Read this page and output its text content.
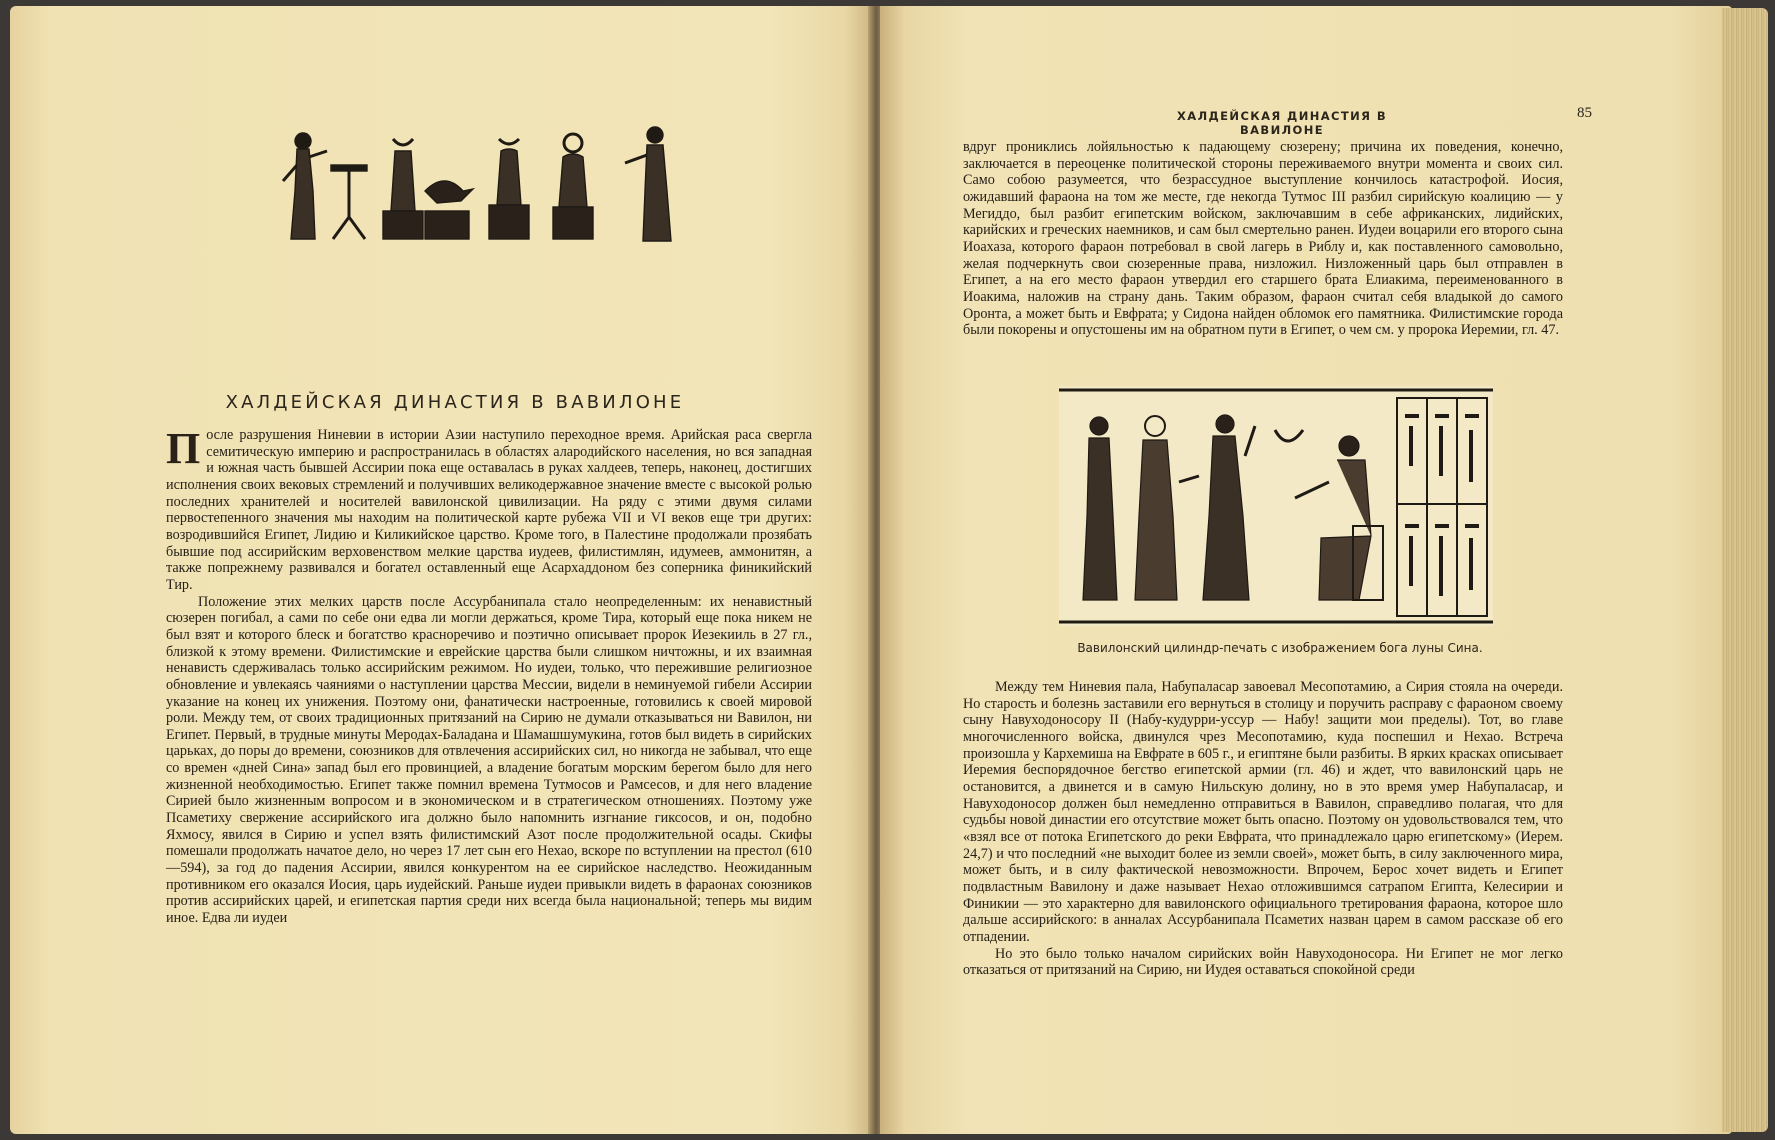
ХАЛДЕЙСКАЯ ДИНАСТИЯ В ВАВИЛОНЕ

После разрушения Ниневии в истории Азии наступило переходное время. Арийская раса свергла семитическую империю и распространилась в областях алародийского населения, но вся западная и южная часть бывшей Ассирии пока еще оставалась в руках халдеев, теперь, наконец, достигших исполнения своих вековых стремлений и получивших великодержавное значение вместе с высокой ролью последних хранителей и носителей вавилонской цивилизации. На ряду с этими двумя силами первостепенного значения мы находим на политической карте рубежа VII и VI веков еще три других: возродившийся Египет, Лидию и Киликийское царство. Кроме того, в Палестине продолжали прозябать бывшие под ассирийским верховенством мелкие царства иудеев, филистимлян, идумеев, аммонитян, а также попрежнему развивался и богател оставленный еще Асархаддоном без соперника финикийский Тир.

Положение этих мелких царств после Ассурбанипала стало неопределенным: их ненавистный сюзерен погибал, а сами по себе они едва ли могли держаться, кроме Тира, который еще пока никем не был взят и которого блеск и богатство красноречиво и поэтично описывает пророк Иезекииль в 27 гл., близкой к этому времени. Филистимские и еврейские царства были слишком ничтожны, и их взаимная ненависть сдерживалась только ассирийским режимом. Но иудеи, только, что пережившие религиозное обновление и увлекаясь чаяниями о наступлении царства Мессии, видели в неминуемой гибели Ассирии указание на конец их унижения. Поэтому они, фанатически настроенные, готовились к своей мировой роли. Между тем, от своих традиционных притязаний на Сирию не думали отказываться ни Вавилон, ни Египет. Первый, в трудные минуты Меродах-Баладана и Шамашшумукина, готов был видеть в сирийских царьках, до поры до времени, союзников для отвлечения ассирийских сил, но никогда не забывал, что еще со времен «дней Сина» запад был его провинцией, а владение богатым морским берегом было для него жизненной необходимостью. Египет также помнил времена Тутмосов и Рамсесов, и для него владение Сирией было жизненным вопросом и в экономическом и в стратегическом отношениях. Поэтому уже Псаметиху свержение ассирийского ига должно было напомнить изгнание гиксосов, и он, подобно Яхмосу, явился в Сирию и успел взять филистимский Азот после продолжительной осады. Скифы помешали продолжать начатое дело, но через 17 лет сын его Нехао, вскоре по вступлении на престол (610—594), за год до падения Ассирии, явился конкурентом на ее сирийское наследство. Неожиданным противником его оказался Иосия, царь иудейский. Раньше иудеи привыкли видеть в фараонах союзников против ассирийских царей, и египетская партия среди них всегда была национальной; теперь мы видим иное. Едва ли иудеи

ХАЛДЕЙСКАЯ ДИНАСТИЯ В ВАВИЛОНЕ
85

вдруг прониклись лойяльностью к падающему сюзерену; причина их поведения, конечно, заключается в переоценке политической стороны переживаемого внутри момента и своих сил. Само собою разумеется, что безрассудное выступление кончилось катастрофой. Иосия, ожидавший фараона на том же месте, где некогда Тутмос III разбил сирийскую коалицию — у Мегиддо, был разбит египетским войском, заключавшим в себе африканских, лидийских, карийских и греческих наемников, и сам был смертельно ранен. Иудеи воцарили его второго сына Иоахаза, которого фараон потребовал в свой лагерь в Риблу и, как поставленного самовольно, желая подчеркнуть свои сюзеренные права, низложил. Низложенный царь был отправлен в Египет, а на его место фараон утвердил его старшего брата Елиакима, переименованного в Иоакима, наложив на страну дань. Таким образом, фараон считал себя владыкой до самого Оронта, а может быть и Евфрата; у Сидона найден обломок его памятника. Филистимские города были покорены и опустошены им на обратном пути в Египет, о чем см. у пророка Иеремии, гл. 47.

Вавилонский цилиндр-печать с изображением бога луны Сина.

Между тем Ниневия пала, Набупаласар завоевал Месопотамию, а Сирия стояла на очереди. Но старость и болезнь заставили его вернуться в столицу и поручить расправу с фараоном своему сыну Навуходоносору II (Набу-кудурри-уссур — Набу! защити мои пределы). Тот, во главе многочисленного войска, двинулся чрез Месопотамию, куда поспешил и Нехао. Встреча произошла у Кархемиша на Евфрате в 605 г., и египтяне были разбиты. В ярких красках описывает Иеремия беспорядочное бегство египетской армии (гл. 46) и ждет, что вавилонский царь не остановится, а двинется и в самую Нильскую долину, но в это время умер Набупаласар, и Навуходоносор должен был немедленно отправиться в Вавилон, справедливо полагая, что для судьбы новой династии его отсутствие может быть опасно. Поэтому он удовольствовался тем, что «взял все от потока Египетского до реки Евфрата, что принадлежало царю египетскому» (Иерем. 24,7) и что последний «не выходит более из земли своей», может быть, в силу заключенного мира, может быть, и в силу фактической невозможности. Впрочем, Берос хочет видеть и Египет подвластным Вавилону и даже называет Нехао отложившимся сатрапом Египта, Келесирии и Финикии — это характерно для вавилонского официального третирования фараона, которое шло дальше ассирийского: в анналах Ассурбанипала Псаметих назван царем в самом рассказе об его отпадении.

Но это было только началом сирийских войн Навуходоносора. Ни Египет не мог легко отказаться от притязаний на Сирию, ни Иудея оставаться спокойной среди
